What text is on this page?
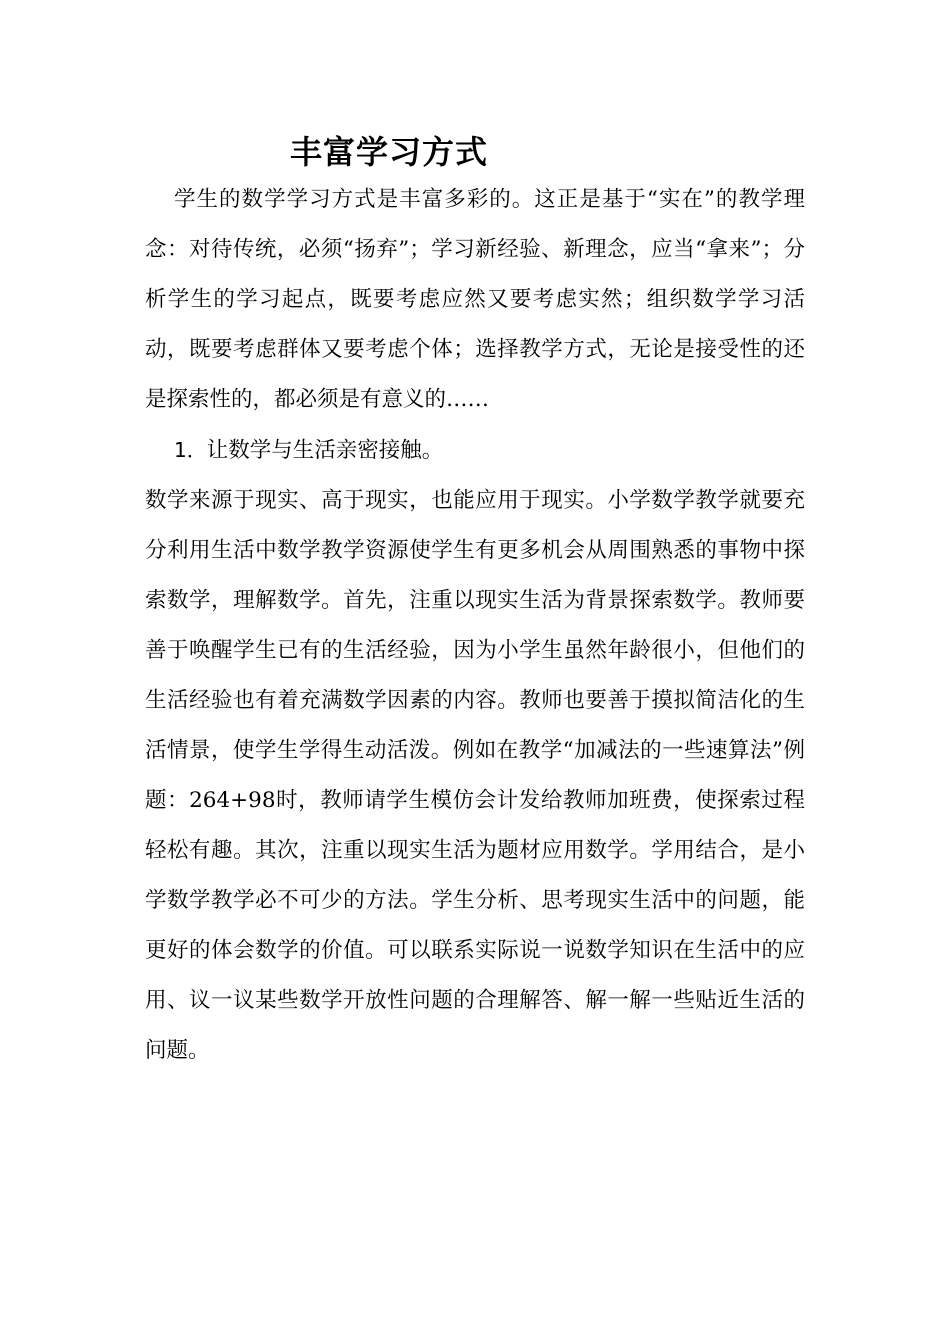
丰富学习方式

学生的数学学习方式是丰富多彩的。这正是基于“实在”的教学理念：对待传统，必须“扬弃”；学习新经验、新理念，应当“拿来”；分析学生的学习起点，既要考虑应然又要考虑实然；组织数学学习活动，既要考虑群体又要考虑个体；选择教学方式，无论是接受性的还是探索性的，都必须是有意义的……

1．让数学与生活亲密接触。

数学来源于现实、高于现实，也能应用于现实。小学数学教学就要充分利用生活中数学教学资源使学生有更多机会从周围熟悉的事物中探索数学，理解数学。首先，注重以现实生活为背景探索数学。教师要善于唤醒学生已有的生活经验，因为小学生虽然年龄很小，但他们的生活经验也有着充满数学因素的内容。教师也要善于摸拟简洁化的生活情景，使学生学得生动活泼。例如在教学“加减法的一些速算法”例题：264+98时，教师请学生模仿会计发给教师加班费，使探索过程轻松有趣。其次，注重以现实生活为题材应用数学。学用结合，是小学数学教学必不可少的方法。学生分析、思考现实生活中的问题，能更好的体会数学的价值。可以联系实际说一说数学知识在生活中的应用、议一议某些数学开放性问题的合理解答、解一解一些贴近生活的问题。
